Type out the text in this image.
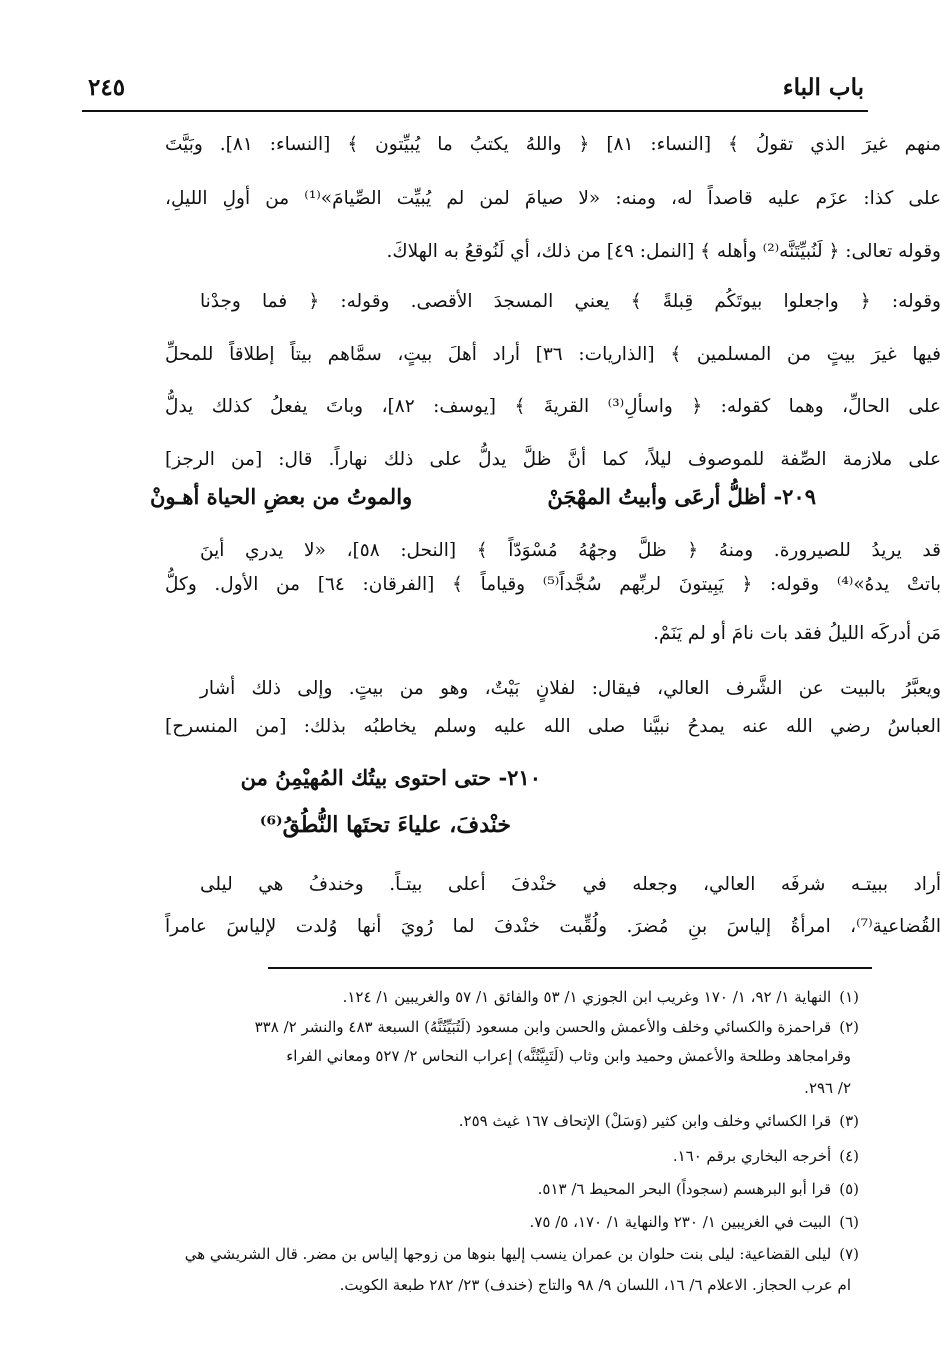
باب الباء
٢٤٥
منهم غيرَ الذي تقولُ ﴾ [النساء: ٨١] ﴿ واللهُ يكتبُ ما يُبيِّتون ﴾ [النساء: ٨١]. وبَيَّتَ
على كذا: عزَم عليه قاصداً له، ومنه: «لا صيامَ لمن لم يُبيِّت الصِّيامَ»⁽¹⁾ من أولِ الليلِ،
وقوله تعالى: ﴿ لَنُبيِّتَنَّه⁽²⁾ وأهله ﴾ [النمل: ٤٩] من ذلك، أي لَنُوقعُ به الهلاكَ.
وقوله: ﴿ واجعلوا بيوتَكُم قِبلةً ﴾ يعني المسجدَ الأقصى. وقوله: ﴿ فما وجدْنا
فيها غيرَ بيتٍ من المسلمين ﴾ [الذاريات: ٣٦] أراد أهلَ بيتٍ، سمَّاهم بيتاً إطلاقاً للمحلِّ
على الحالِّ، وهما كقوله: ﴿ واسألِ⁽³⁾ القريةَ ﴾ [يوسف: ٨٢]، وباتَ يفعلُ كذلك يدلُّ
على ملازمة الصِّفة للموصوف ليلاً، كما أنَّ ظلَّ يدلُّ على ذلك نهاراً. قال: [من الرجز]
٢٠٩- أظلُّ أرعَى وأبيتُ المهْجَنْ
والموتُ من بعضِ الحياة أهـونْ
قد يريدُ للصيرورة. ومنهُ ﴿ ظلَّ وجهُهُ مُسْوَدّاً ﴾ [النحل: ٥٨]، «لا يدري أينَ
باتتْ يدهُ»⁽⁴⁾ وقوله: ﴿ يَبِيتونَ لربِّهم سُجَّداً⁽⁵⁾ وقياماً ﴾ [الفرقان: ٦٤] من الأول. وكلُّ
مَن أدركَه الليلُ فقد بات نامَ أو لم يَنَمْ.
ويعبَّرُ بالبيت عن الشَّرف العالي، فيقال: لفلانٍ بَيْتٌ، وهو من بيتٍ. وإلى ذلك أشار
العباسُ رضي الله عنه يمدحُ نبيَّنا صلى الله عليه وسلم يخاطبُه بذلك: [من المنسرح]
٢١٠- حتى احتوى بيتُك المُهيْمِنُ من
خنْدفَ، علياءَ تحتَها النُّطُقُ⁽⁶⁾
أراد ببيتـه شرفَه العالي، وجعله في خنْدفَ أعلى بيتـاً. وخندفُ هي ليلى
القُضاعية⁽⁷⁾، امرأةُ إلياسَ بنِ مُضرَ. ولُقِّبت خنْدفَ لما رُويَ أنها وُلدت لإلياسَ عامراً
(١)النهاية ١/ ٩٢، ١/ ١٧٠ وغريب ابن الجوزي ١/ ٥٣ والفائق ١/ ٥٧ والغريبين ١/ ١٢٤.
(٢)قراحمزة والكسائي وخلف والأعمش والحسن وابن مسعود (لَتُبَيِّتُنَّهُ) السبعة ٤٨٣ والنشر ٢/ ٣٣٨
وقرامجاهد وطلحة والأعمش وحميد وابن وثاب (لَتَبِيَّتُنَّه) إعراب النحاس ٢/ ٥٢٧ ومعاني الفراء
٢/ ٢٩٦.
(٣)قرا الكسائي وخلف وابن كثير (وَسَلْ) الإتحاف ١٦٧ غيث ٢٥٩.
(٤)أخرجه البخاري برقم ١٦٠.
(٥)قرا أبو البرهسم (سجوداً) البحر المحيط ٦/ ٥١٣.
(٦)البيت في الغريبين ١/ ٢٣٠ والنهاية ١/ ١٧٠، ٥/ ٧٥.
(٧)ليلى القضاعية: ليلى بنت حلوان بن عمران ينسب إليها بنوها من زوجها إلياس بن مضر. قال الشريشي هي
ام عرب الحجاز. الاعلام ٦/ ١٦، اللسان ٩/ ٩٨ والتاج (خندف) ٢٣/ ٢٨٢ طبعة الكويت.
